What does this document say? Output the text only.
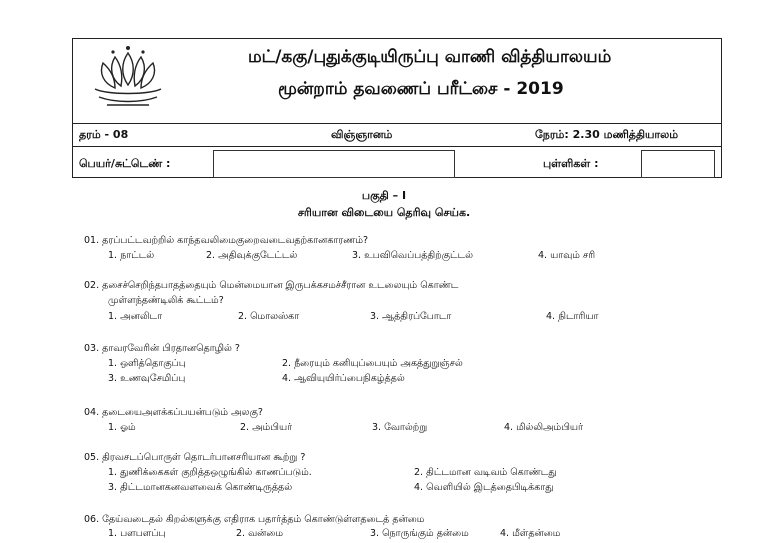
மட்/ககு/புதுக்குடியிருப்பு வாணி வித்தியாலயம்
மூன்றாம் தவணைப் பரீட்சை - 2019
தரம் - 08	விஞ்ஞானம்	நேரம்: 2.30 மணித்தியாலம்
பெயர்/சுட்டெண் :	புள்ளிகள் :
பகுதி – I
சரியான விடையை தெரிவு செய்க.
01. தரப்பட்டவற்றில் காந்தவலிமைகுறைவடைவதற்கானகாரணம்?
1. நாட்டல்	2. அதிவுக்குடேட்டல்	3. உபவிவெப்பத்திற்குட்டல்	4. யாவும் சரி
02. தசைச்செறிந்தபாதத்தையும் மென்மையான இருபக்கசமச்சீரான உடலையும் கொண்ட
முள்ளந்தண்டிலிக் கூட்டம்?
1. அனலிடா	2. மொலஸ்கா	3. ஆத்திரப்போடா	4. நிடாரியா
03. தாவரவேரின் பிரதானதொழில் ?
1. ஒளித்தொகுப்பு	2. நீரையும் கனியுப்பையும் அகத்துறுஞ்சல்
3. உணவுசேமிப்பு	4. ஆவியுயிர்ப்பைநிகழ்த்தல்
04. தடையைஅளக்கப்பயன்படும் அலகு?
1. ஓம்	2. அம்பியர்	3. வோல்ற்று	4. மில்லிஅம்பியர்
05. திரவசடப்பொருள் தொடர்பானசரியான கூற்று ?
1. துணிக்கைகள் குறித்தஒழுங்கில் காணப்படும்.	2. திட்டமான வடிவம் கொண்டது
3. திட்டமானகனவளவைக் கொண்டிருத்தல்	4. வெளியில் இடத்தைபிடிக்காது
06. தேய்வடைதல் கிறல்களுக்கு எதிராக பதார்த்தம் கொண்டுள்ளதடைத் தன்மை
1. பளபளப்பு	2. வன்மை	3. நொருங்கும் தன்மை	4. மீள்தன்மை
